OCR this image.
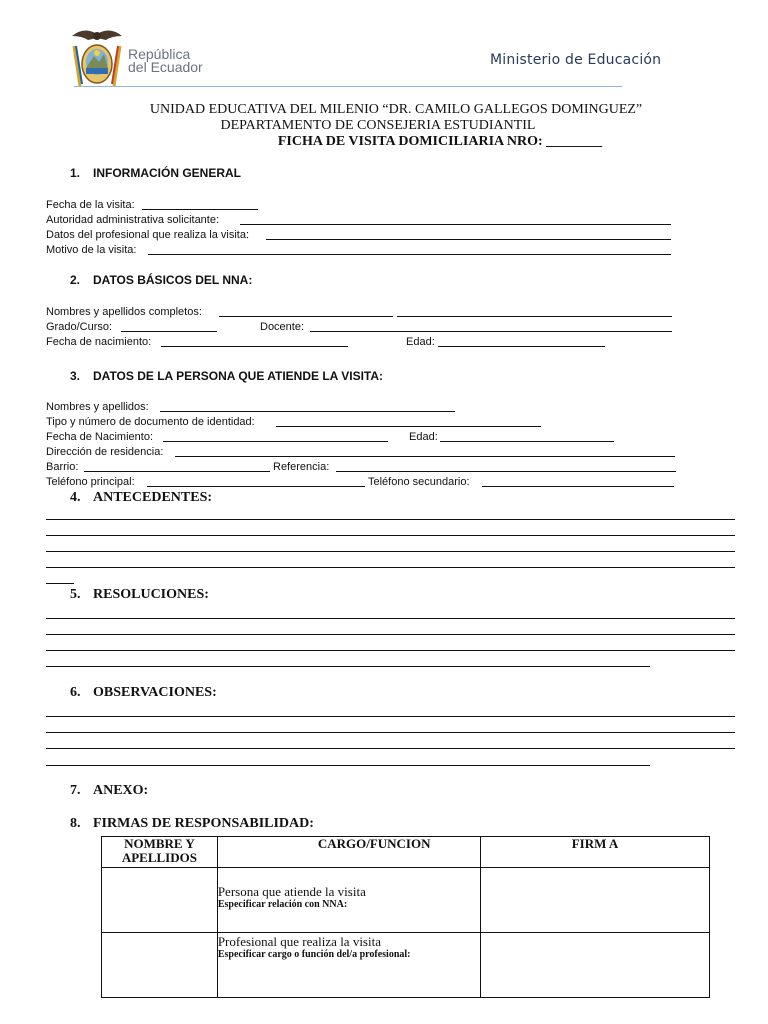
República
del Ecuador	Ministerio de Educación
UNIDAD EDUCATIVA DEL MILENIO “DR. CAMILO GALLEGOS DOMINGUEZ”
DEPARTAMENTO DE CONSEJERIA ESTUDIANTIL
FICHA DE VISITA DOMICILIARIA NRO: ________
1. INFORMACIÓN GENERAL
Fecha de la visita:
Autoridad administrativa solicitante:
Datos del profesional que realiza la visita:
Motivo de la visita:
2. DATOS BÁSICOS DEL NNA:
Nombres y apellidos completos:
Grado/Curso:	Docente:
Fecha de nacimiento:	Edad:
3. DATOS DE LA PERSONA QUE ATIENDE LA VISITA:
Nombres y apellidos:
Tipo y número de documento de identidad:
Fecha de Nacimiento:	Edad:
Dirección de residencia:
Barrio:	Referencia:
Teléfono principal:	Teléfono secundario:
4. ANTECEDENTES:
5. RESOLUCIONES:
6. OBSERVACIONES:
7. ANEXO:
8. FIRMAS DE RESPONSABILIDAD:
NOMBRE Y APELLIDOS	CARGO/FUNCION	FIRM A

	Persona que atiende la visita
Especificar relación con NNA:	

	Profesional que realiza la visita
Especificar cargo o función del/a profesional:	
